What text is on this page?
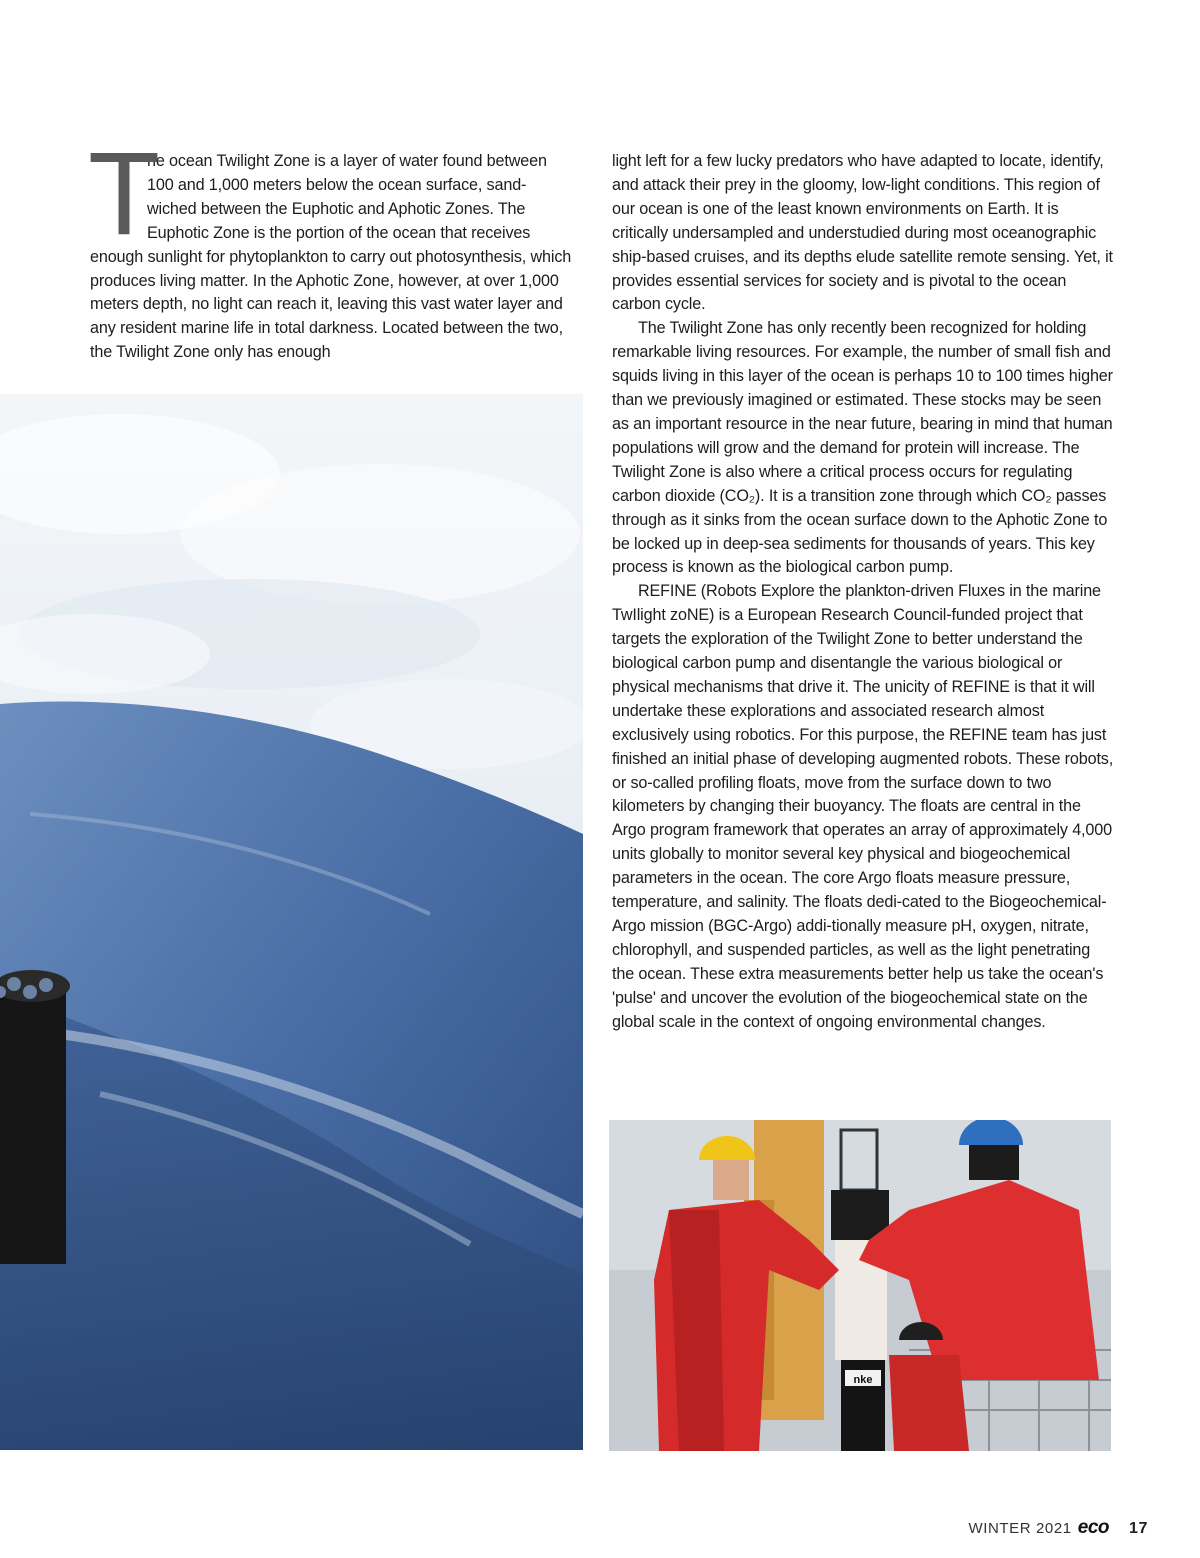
T
he ocean Twilight Zone is a layer of water found between
100 and 1,000 meters below the ocean surface, sand-
wiched between the Euphotic and Aphotic Zones. The
Euphotic Zone is the portion of the ocean that receives

enough sunlight for phytoplankton to carry out photosynthesis, which produces living matter. In the Aphotic Zone, however, at over 1,000 meters depth, no light can reach it, leaving this vast water layer and any resident marine life in total darkness. Located between the two, the Twilight Zone only has enough

light left for a few lucky predators who have adapted to locate, identify, and attack their prey in the gloomy, low-light conditions. This region of our ocean is one of the least known environments on Earth. It is critically undersampled and understudied during most oceanographic ship-based cruises, and its depths elude satellite remote sensing. Yet, it provides essential services for society and is pivotal to the ocean carbon cycle.

The Twilight Zone has only recently been recognized for holding remarkable living resources. For example, the number of small fish and squids living in this layer of the ocean is perhaps 10 to 100 times higher than we previously imagined or estimated. These stocks may be seen as an important resource in the near future, bearing in mind that human populations will grow and the demand for protein will increase. The Twilight Zone is also where a critical process occurs for regulating carbon dioxide (CO₂). It is a transition zone through which CO₂ passes through as it sinks from the ocean surface down to the Aphotic Zone to be locked up in deep-sea sediments for thousands of years. This key process is known as the biological carbon pump.

REFINE (Robots Explore the plankton-driven Fluxes in the marine TwIlight zoNE) is a European Research Council-funded project that targets the exploration of the Twilight Zone to better understand the biological carbon pump and disentangle the various biological or physical mechanisms that drive it. The unicity of REFINE is that it will undertake these explorations and associated research almost exclusively using robotics. For this purpose, the REFINE team has just finished an initial phase of developing augmented robots. These robots, or so-called profiling floats, move from the surface down to two kilometers by changing their buoyancy. The floats are central in the Argo program framework that operates an array of approximately 4,000 units globally to monitor several key physical and biogeochemical parameters in the ocean. The core Argo floats measure pressure, temperature, and salinity. The floats dedi-cated to the Biogeochemical-Argo mission (BGC-Argo) addi-tionally measure pH, oxygen, nitrate, chlorophyll, and suspended particles, as well as the light penetrating the ocean. These extra measurements better help us take the ocean's 'pulse' and uncover the evolution of the biogeochemical state on the global scale in the context of ongoing environmental changes.

nke
WINTER 2021 eco 17
